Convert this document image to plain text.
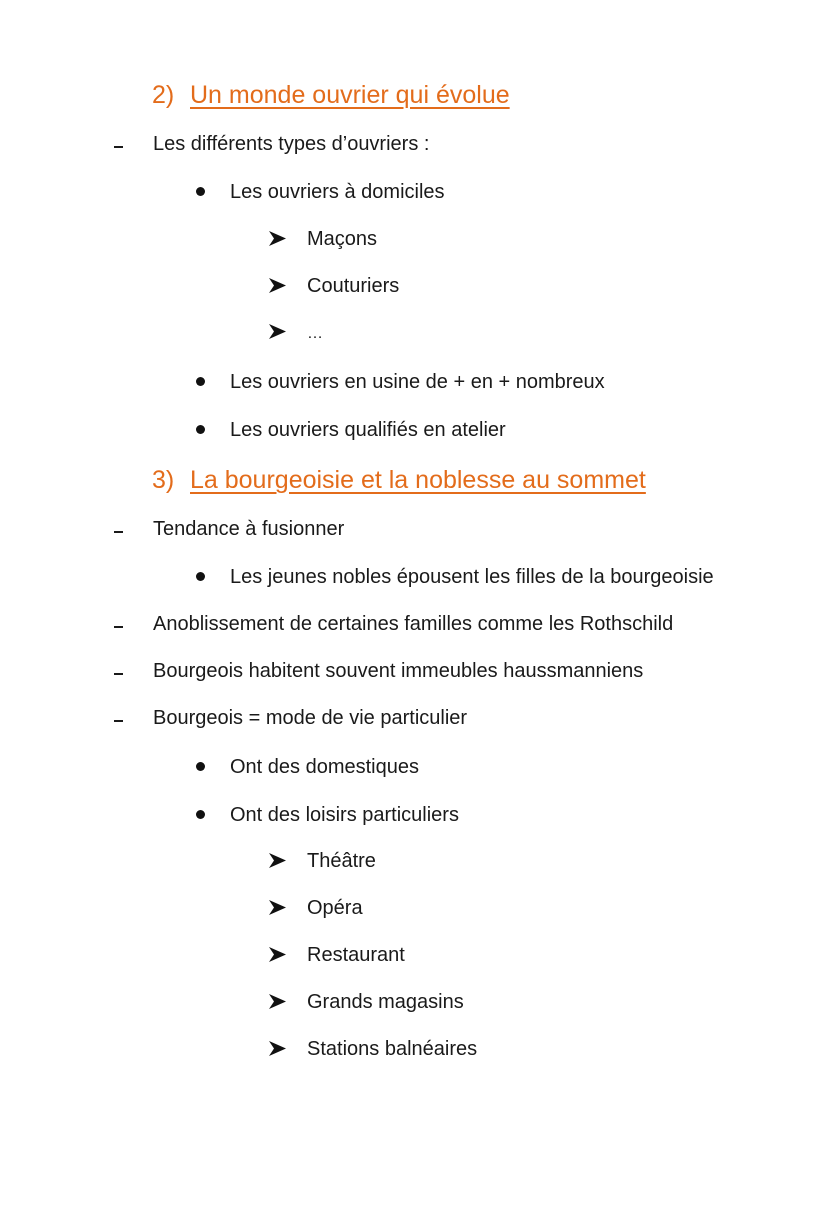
2) Un monde ouvrier qui évolue
Les différents types d’ouvriers :
Les ouvriers à domiciles
Maçons
Couturiers
…
Les ouvriers en usine de + en + nombreux
Les ouvriers qualifiés en atelier
3) La bourgeoisie et la noblesse au sommet
Tendance à fusionner
Les jeunes nobles épousent les filles de la bourgeoisie
Anoblissement de certaines familles comme les Rothschild
Bourgeois habitent souvent immeubles haussmanniens
Bourgeois = mode de vie particulier
Ont des domestiques
Ont des loisirs particuliers
Théâtre
Opéra
Restaurant
Grands magasins
Stations balnéaires
